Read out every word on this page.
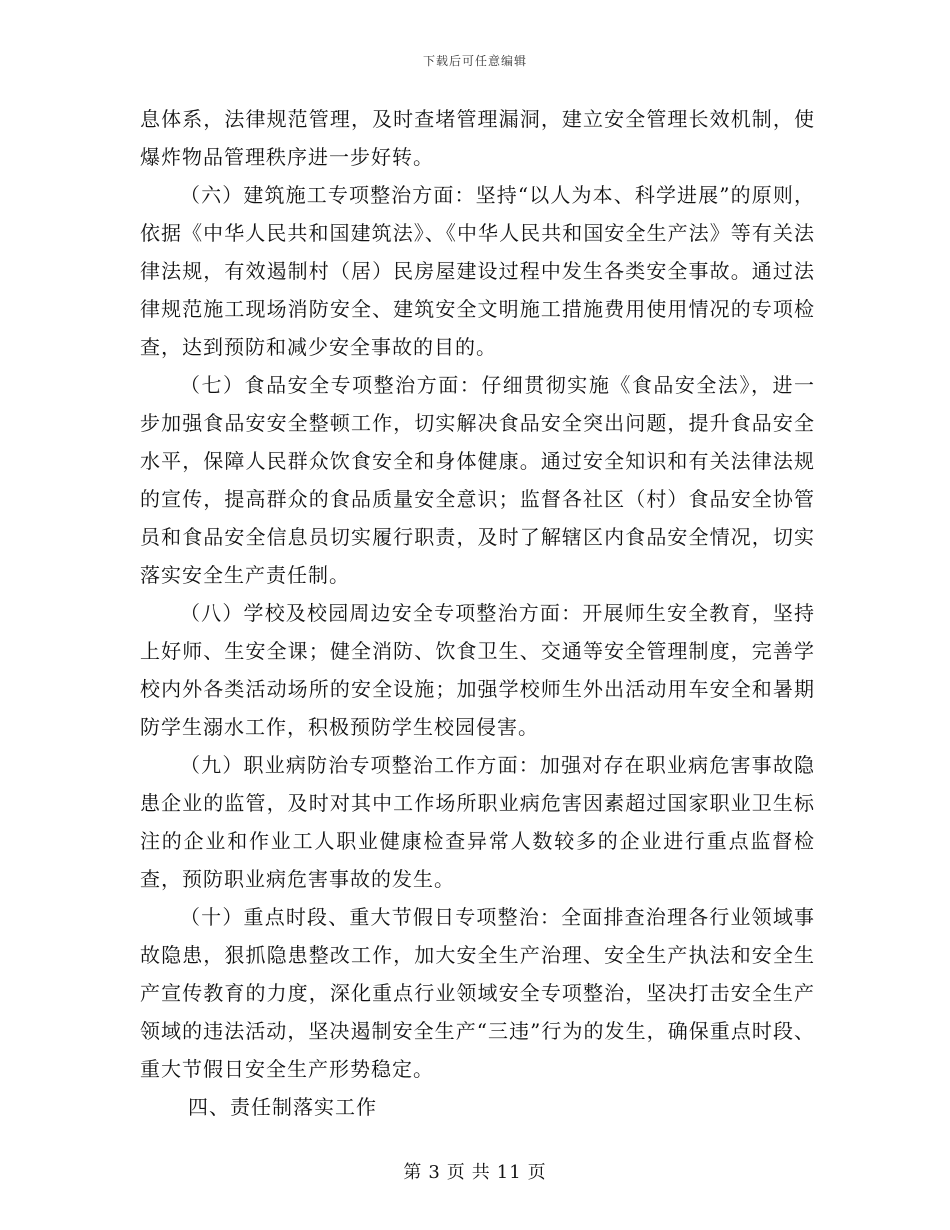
下载后可任意编辑

息体系，法律规范管理，及时查堵管理漏洞，建立安全管理长效机制，使爆炸物品管理秩序进一步好转。

（六）建筑施工专项整治方面：坚持“以人为本、科学进展”的原则，依据《中华人民共和国建筑法》、《中华人民共和国安全生产法》等有关法律法规，有效遏制村（居）民房屋建设过程中发生各类安全事故。通过法律规范施工现场消防安全、建筑安全文明施工措施费用使用情况的专项检查，达到预防和减少安全事故的目的。

（七）食品安全专项整治方面：仔细贯彻实施《食品安全法》，进一步加强食品安安全整顿工作，切实解决食品安全突出问题，提升食品安全水平，保障人民群众饮食安全和身体健康。通过安全知识和有关法律法规的宣传，提高群众的食品质量安全意识；监督各社区（村）食品安全协管员和食品安全信息员切实履行职责，及时了解辖区内食品安全情况，切实落实安全生产责任制。

（八）学校及校园周边安全专项整治方面：开展师生安全教育，坚持上好师、生安全课；健全消防、饮食卫生、交通等安全管理制度，完善学校内外各类活动场所的安全设施；加强学校师生外出活动用车安全和暑期防学生溺水工作，积极预防学生校园侵害。

（九）职业病防治专项整治工作方面：加强对存在职业病危害事故隐患企业的监管，及时对其中工作场所职业病危害因素超过国家职业卫生标注的企业和作业工人职业健康检查异常人数较多的企业进行重点监督检查，预防职业病危害事故的发生。

（十）重点时段、重大节假日专项整治：全面排查治理各行业领域事故隐患，狠抓隐患整改工作，加大安全生产治理、安全生产执法和安全生产宣传教育的力度，深化重点行业领域安全专项整治，坚决打击安全生产领域的违法活动，坚决遏制安全生产“三违”行为的发生，确保重点时段、重大节假日安全生产形势稳定。

四、责任制落实工作

第 3 页 共 11 页
